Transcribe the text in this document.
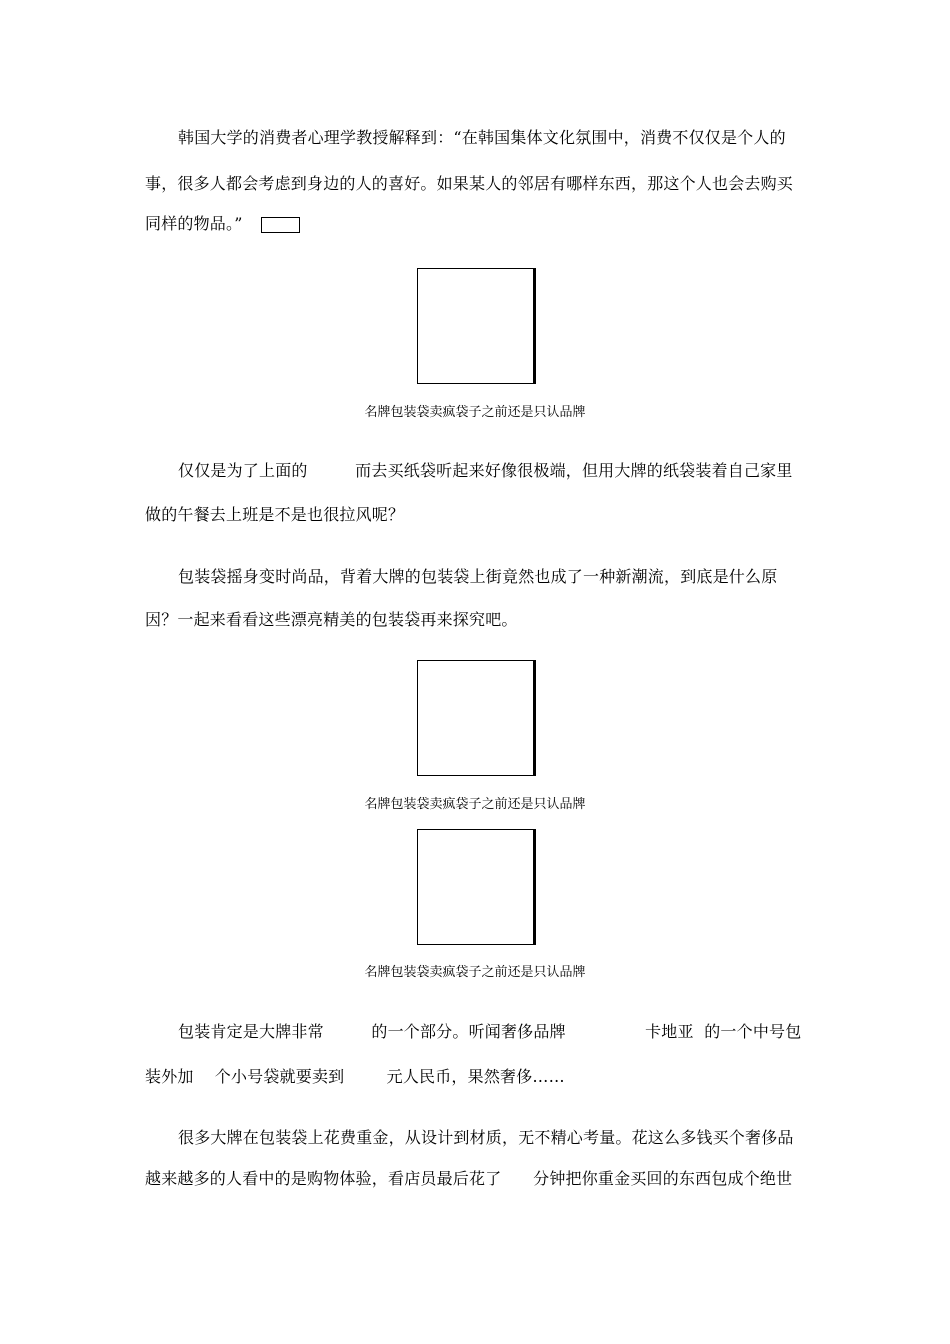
韩国大学的消费者心理学教授解释到：“在韩国集体文化氛围中，消费不仅仅是个人的
事，很多人都会考虑到身边的人的喜好。如果某人的邻居有哪样东西，那这个人也会去购买
同样的物品。”
名牌包装袋卖疯袋子之前还是只认品牌
仅仅是为了上面的         而去买纸袋听起来好像很极端，但用大牌的纸袋装着自己家里
做的午餐去上班是不是也很拉风呢？
包装袋摇身变时尚品，背着大牌的包装袋上街竟然也成了一种新潮流，到底是什么原
因？一起来看看这些漂亮精美的包装袋再来探究吧。
名牌包装袋卖疯袋子之前还是只认品牌
名牌包装袋卖疯袋子之前还是只认品牌
包装肯定是大牌非常         的一个部分。听闻奢侈品牌               卡地亚  的一个中号包
装外加    个小号袋就要卖到        元人民币，果然奢侈……
很多大牌在包装袋上花费重金，从设计到材质，无不精心考量。花这么多钱买个奢侈品
越来越多的人看中的是购物体验，看店员最后花了      分钟把你重金买回的东西包成个绝世
